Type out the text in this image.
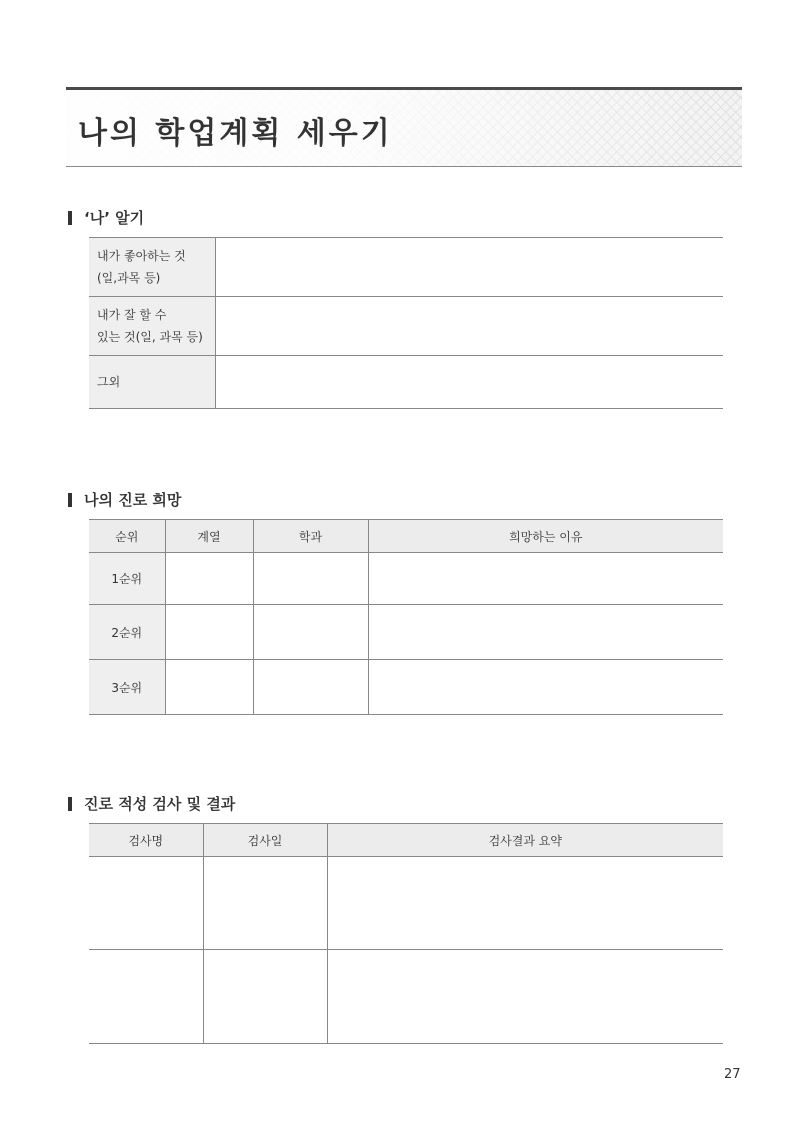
나의 학업계획 세우기
‘나’ 알기
내가 좋아하는 것
(일,과목 등)	

내가 잘 할 수
있는 것(일, 과목 등)	

그외	

나의 진로 희망
순위	계열	학과	희망하는 이유
1순위			
2순위			
3순위			
진로 적성 검사 및 결과
검사명	검사일	검사결과 요약

27
